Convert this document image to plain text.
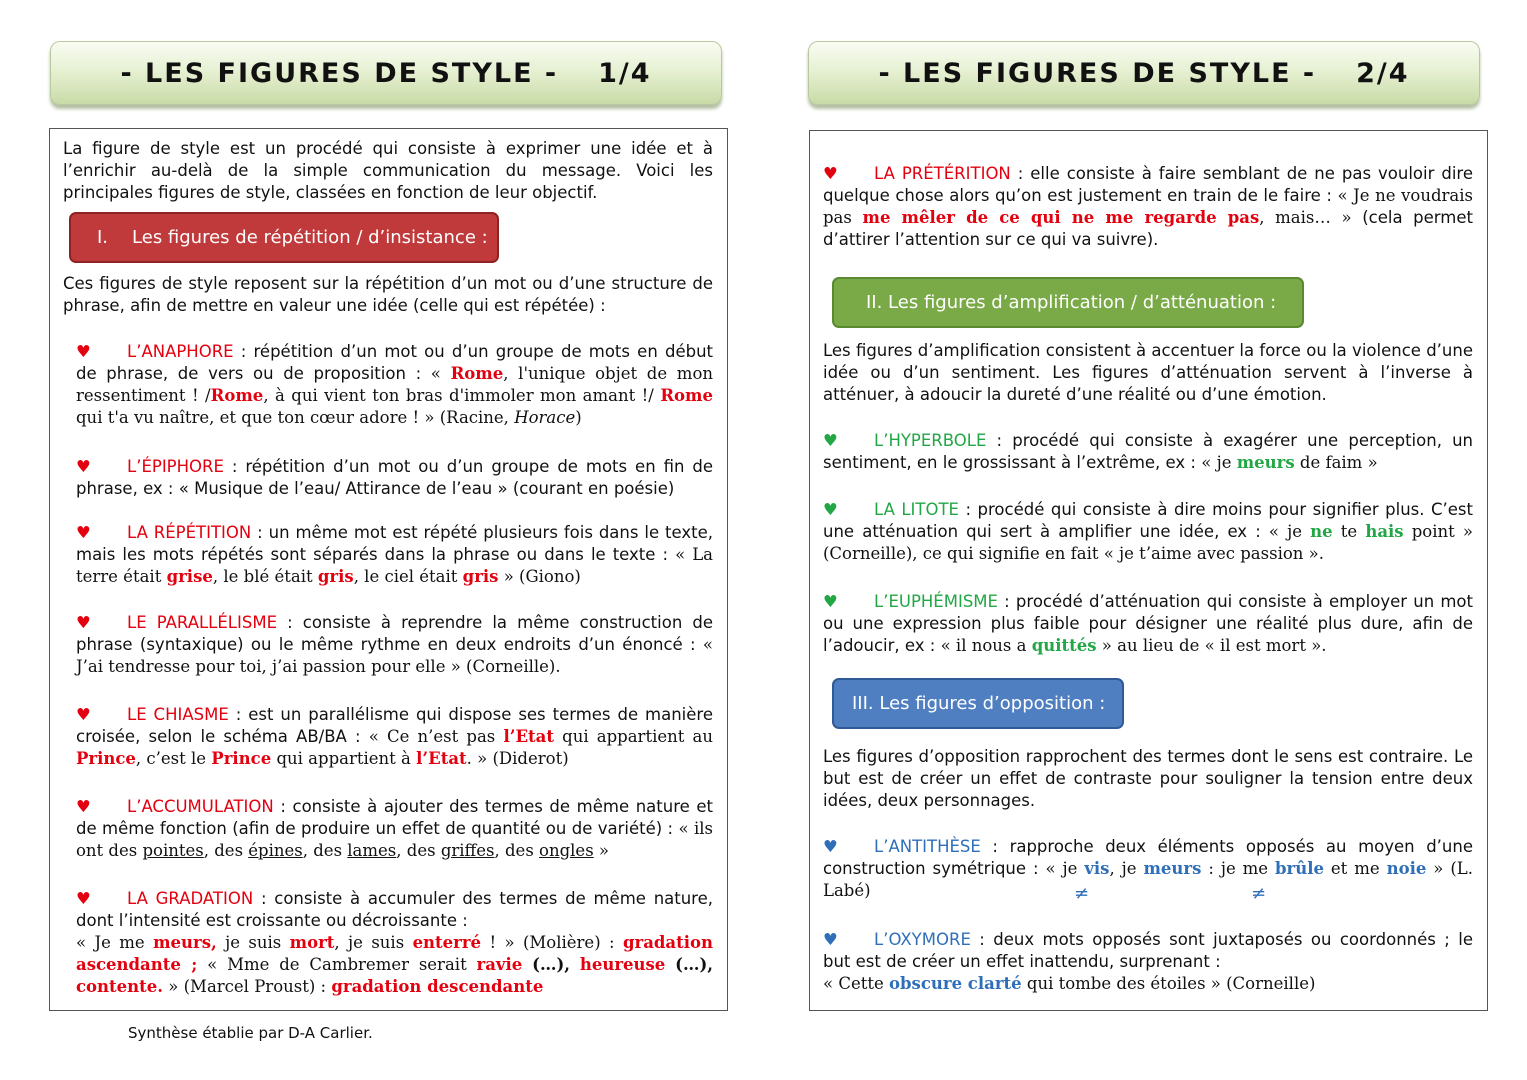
- LES FIGURES DE STYLE - 1/4	- LES FIGURES DE STYLE - 2/4
La figure de style est un procédé qui consiste à exprimer une idée et à l’enrichir au-delà de la simple communication du message. Voici les principales figures de style, classées en fonction de leur objectif.
I. Les figures de répétition / d’insistance :
Ces figures de style reposent sur la répétition d’un mot ou d’une structure de phrase, afin de mettre en valeur une idée (celle qui est répétée) :
♥ L’ANAPHORE : répétition d’un mot ou d’un groupe de mots en début de phrase, de vers ou de proposition : « Rome, l'unique objet de mon ressentiment ! /Rome, à qui vient ton bras d'immoler mon amant !/ Rome qui t'a vu naître, et que ton cœur adore ! » (Racine, Horace)
♥ L’ÉPIPHORE : répétition d’un mot ou d’un groupe de mots en fin de phrase, ex : « Musique de l’eau/ Attirance de l’eau » (courant en poésie)
♥ LA RÉPÉTITION : un même mot est répété plusieurs fois dans le texte, mais les mots répétés sont séparés dans la phrase ou dans le texte : « La terre était grise, le blé était gris, le ciel était gris » (Giono)
♥ LE PARALLÉLISME : consiste à reprendre la même construction de phrase (syntaxique) ou le même rythme en deux endroits d’un énoncé : « J’ai tendresse pour toi, j’ai passion pour elle » (Corneille).
♥ LE CHIASME : est un parallélisme qui dispose ses termes de manière croisée, selon le schéma AB/BA : « Ce n’est pas l’Etat qui appartient au Prince, c’est le Prince qui appartient à l’Etat. » (Diderot)
♥ L’ACCUMULATION : consiste à ajouter des termes de même nature et de même fonction (afin de produire un effet de quantité ou de variété) : « ils ont des pointes, des épines, des lames, des griffes, des ongles »
♥ LA GRADATION : consiste à accumuler des termes de même nature, dont l’intensité est croissante ou décroissante :
« Je me meurs, je suis mort, je suis enterré ! » (Molière) : gradation ascendante ; « Mme de Cambremer serait ravie (…), heureuse (…), contente. » (Marcel Proust) : gradation descendante
♥ LA PRÉTÉRITION : elle consiste à faire semblant de ne pas vouloir dire quelque chose alors qu’on est justement en train de le faire : « Je ne voudrais pas me mêler de ce qui ne me regarde pas, mais… » (cela permet d’attirer l’attention sur ce qui va suivre).
II. Les figures d’amplification / d’atténuation :
Les figures d’amplification consistent à accentuer la force ou la violence d’une idée ou d’un sentiment. Les figures d’atténuation servent à l’inverse à atténuer, à adoucir la dureté d’une réalité ou d’une émotion.
♥ L’HYPERBOLE : procédé qui consiste à exagérer une perception, un sentiment, en le grossissant à l’extrême, ex : « je meurs de faim »
♥ LA LITOTE : procédé qui consiste à dire moins pour signifier plus. C’est une atténuation qui sert à amplifier une idée, ex : « je ne te hais point » (Corneille), ce qui signifie en fait « je t’aime avec passion ».
♥ L’EUPHÉMISME : procédé d’atténuation qui consiste à employer un mot ou une expression plus faible pour désigner une réalité plus dure, afin de l’adoucir, ex : « il nous a quittés » au lieu de « il est mort ».
III. Les figures d’opposition :
Les figures d’opposition rapprochent des termes dont le sens est contraire. Le but est de créer un effet de contraste pour souligner la tension entre deux idées, deux personnages.
♥ L’ANTITHÈSE : rapproche deux éléments opposés au moyen d’une construction symétrique : « je vis, je meurs : je me brûle et me noie » (L. Labé)	≠	≠
♥ L’OXYMORE : deux mots opposés sont juxtaposés ou coordonnés ; le but est de créer un effet inattendu, surprenant :
« Cette obscure clarté qui tombe des étoiles » (Corneille)
Synthèse établie par D-A Carlier.
